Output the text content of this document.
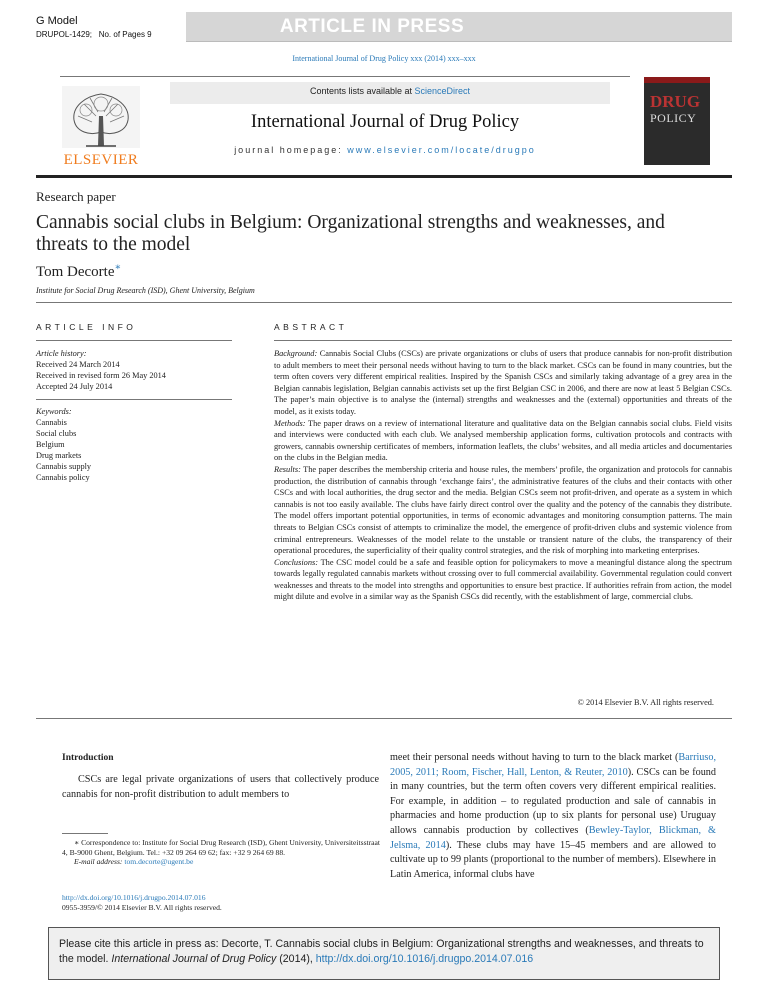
G Model
DRUPOL-1429; No. of Pages 9	ARTICLE IN PRESS
International Journal of Drug Policy xxx (2014) xxx–xxx
ELSEVIER
Contents lists available at ScienceDirect
International Journal of Drug Policy
journal homepage: www.elsevier.com/locate/drugpo
DRUG
POLICY
Research paper
Cannabis social clubs in Belgium: Organizational strengths and weaknesses, and threats to the model
Tom Decorte∗
Institute for Social Drug Research (ISD), Ghent University, Belgium
ARTICLE INFO	ABSTRACT
Article history:
Received 24 March 2014
Received in revised form 26 May 2014
Accepted 24 July 2014
Keywords:
Cannabis
Social clubs
Belgium
Drug markets
Cannabis supply
Cannabis policy

Background: Cannabis Social Clubs (CSCs) are private organizations or clubs of users that produce cannabis for non-profit distribution to adult members to meet their personal needs without having to turn to the black market. CSCs can be found in many countries, but the term often covers very different empirical realities. Inspired by the Spanish CSCs and similarly taking advantage of a grey area in the Belgian cannabis legislation, Belgian cannabis activists set up the first Belgian CSC in 2006, and there are now at least 5 Belgian CSCs. The paper’s main objective is to analyse the (internal) strengths and weaknesses and the (external) opportunities and threats of the model, as it exists today.

Methods: The paper draws on a review of international literature and qualitative data on the Belgian cannabis social clubs. Field visits and interviews were conducted with each club. We analysed membership application forms, cultivation protocols and contracts with growers, cannabis ownership certificates of members, information leaflets, the clubs’ websites, and all media articles and documentaries on the clubs in the Belgian media.

Results: The paper describes the membership criteria and house rules, the members’ profile, the organization and protocols for cannabis production, the distribution of cannabis through ‘exchange fairs’, the administrative features of the clubs and their contacts with other CSCs and with local authorities, the drug sector and the media. Belgian CSCs seem not profit-driven, and operate as a system in which cannabis is not too easily available. The clubs have fairly direct control over the quality and the potency of the cannabis they distribute. The model offers important potential opportunities, in terms of economic advantages and monitoring consumption patterns. The main threats to Belgian CSCs consist of attempts to criminalize the model, the emergence of profit-driven clubs and systemic violence from criminal entrepreneurs. Weaknesses of the model relate to the unstable or transient nature of the clubs, the transparency of their operational procedures, the superficiality of their quality control strategies, and the risk of morphing into marketing enterprises.

Conclusions: The CSC model could be a safe and feasible option for policymakers to move a meaningful distance along the spectrum towards legally regulated cannabis markets without crossing over to full commercial availability. Governmental regulation could convert weaknesses and threats to the model into strengths and opportunities to ensure best practice. If authorities refrain from action, the model might dilute and evolve in a similar way as the Spanish CSCs did recently, with the establishment of large, commercial clubs.

© 2014 Elsevier B.V. All rights reserved.
Introduction
CSCs are legal private organizations of users that collectively produce cannabis for non-profit distribution to adult members to
meet their personal needs without having to turn to the black market (Barriuso, 2005, 2011; Room, Fischer, Hall, Lenton, & Reuter, 2010). CSCs can be found in many countries, but the term often covers very different empirical realities. For example, in addition – to regulated production and sale of cannabis in pharmacies and home production (up to six plants for personal use) Uruguay allows cannabis production by collectives (Bewley-Taylor, Blickman, & Jelsma, 2014). These clubs may have 15–45 members and are allowed to cultivate up to 99 plants (proportional to the number of members). Elsewhere in Latin America, informal clubs have
∗ Correspondence to: Institute for Social Drug Research (ISD), Ghent University, Universiteitsstraat 4, B-9000 Ghent, Belgium. Tel.: +32 09 264 69 62; fax: +32 9 264 69 88.
E-mail address: tom.decorte@ugent.be
http://dx.doi.org/10.1016/j.drugpo.2014.07.016
0955-3959/© 2014 Elsevier B.V. All rights reserved.
Please cite this article in press as: Decorte, T. Cannabis social clubs in Belgium: Organizational strengths and weaknesses, and threats to the model. International Journal of Drug Policy (2014), http://dx.doi.org/10.1016/j.drugpo.2014.07.016
